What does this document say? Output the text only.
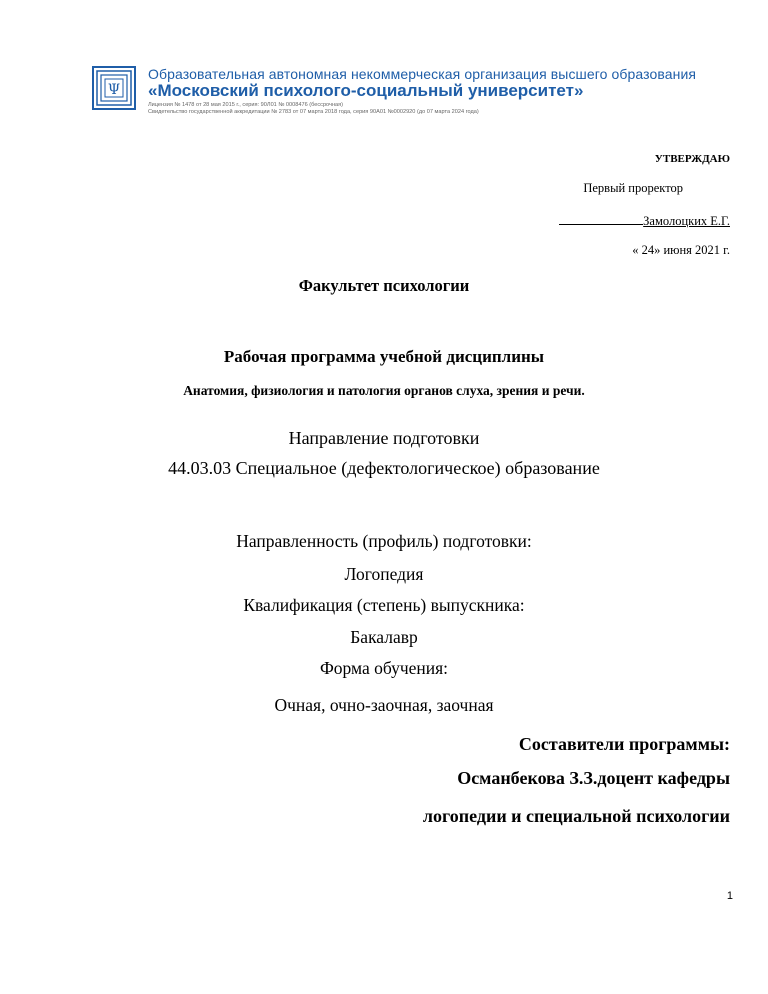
Ψ
Образовательная автономная некоммерческая организация высшего образования
«Московский психолого-социальный университет»
Лицензия № 1478 от 28 мая 2015 г., серия: 90Л01 № 0008476 (бессрочная)
Свидетельство государственной аккредитации № 2783 от 07 марта 2018 года, серия 90А01 №0002920 (до 07 марта 2024 года)
УТВЕРЖДАЮ
Первый проректор
Замолоцких Е.Г.
« 24» июня 2021 г.
Факультет психологии
Рабочая программа учебной дисциплины
Анатомия, физиология и патология органов слуха, зрения и речи.
Направление подготовки
44.03.03 Специальное (дефектологическое) образование
Направленность (профиль) подготовки:
Логопедия
Квалификация (степень) выпускника:
Бакалавр
Форма обучения:
Очная, очно-заочная, заочная
Составители программы:
Османбекова З.З.доцент кафедры
логопедии и специальной психологии
1
